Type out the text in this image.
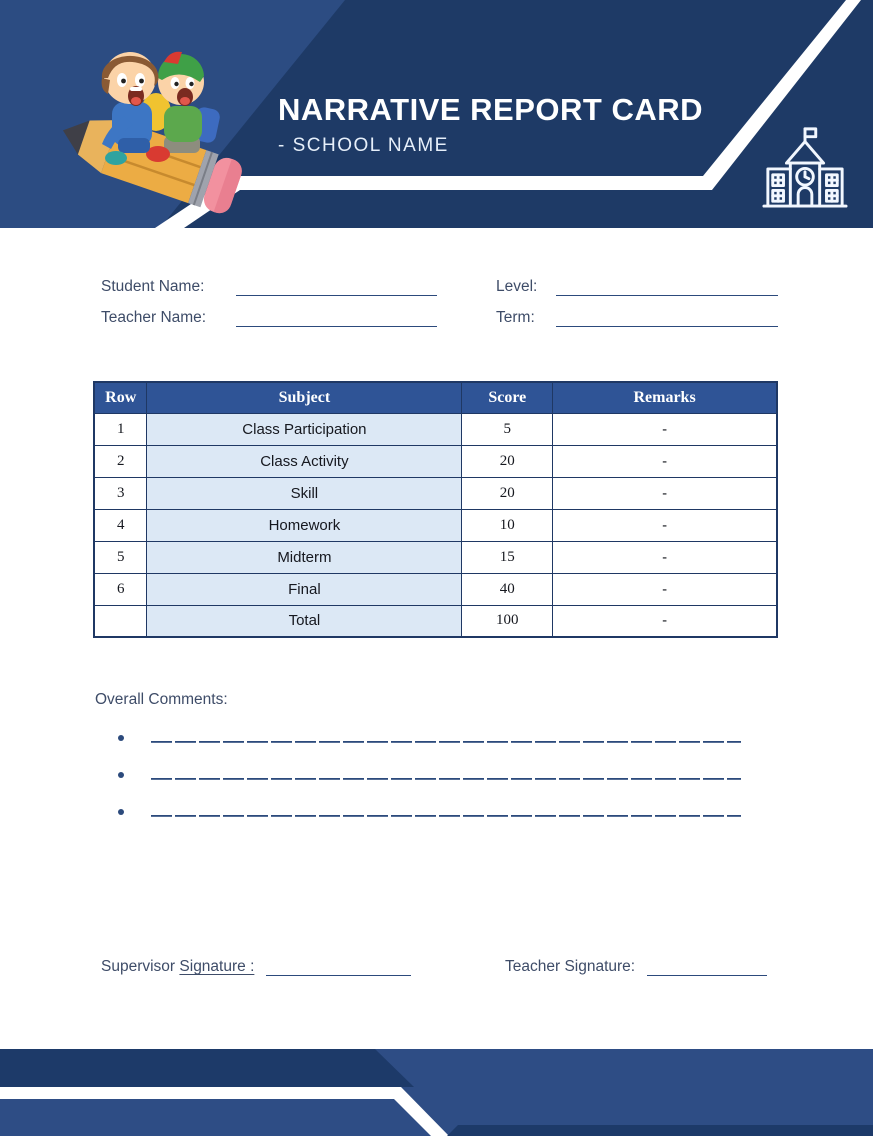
NARRATIVE REPORT CARD
- SCHOOL NAME
Student Name:	Level:
Teacher Name:	Term:
Row	Subject	Score	Remarks
1	Class Participation	5	-
2	Class Activity	20	-
3	Skill	20	-
4	Homework	10	-
5	Midterm	15	-
6	Final	40	-
	Total	100	-
Overall Comments:
Supervisor Signature :	Teacher Signature:
